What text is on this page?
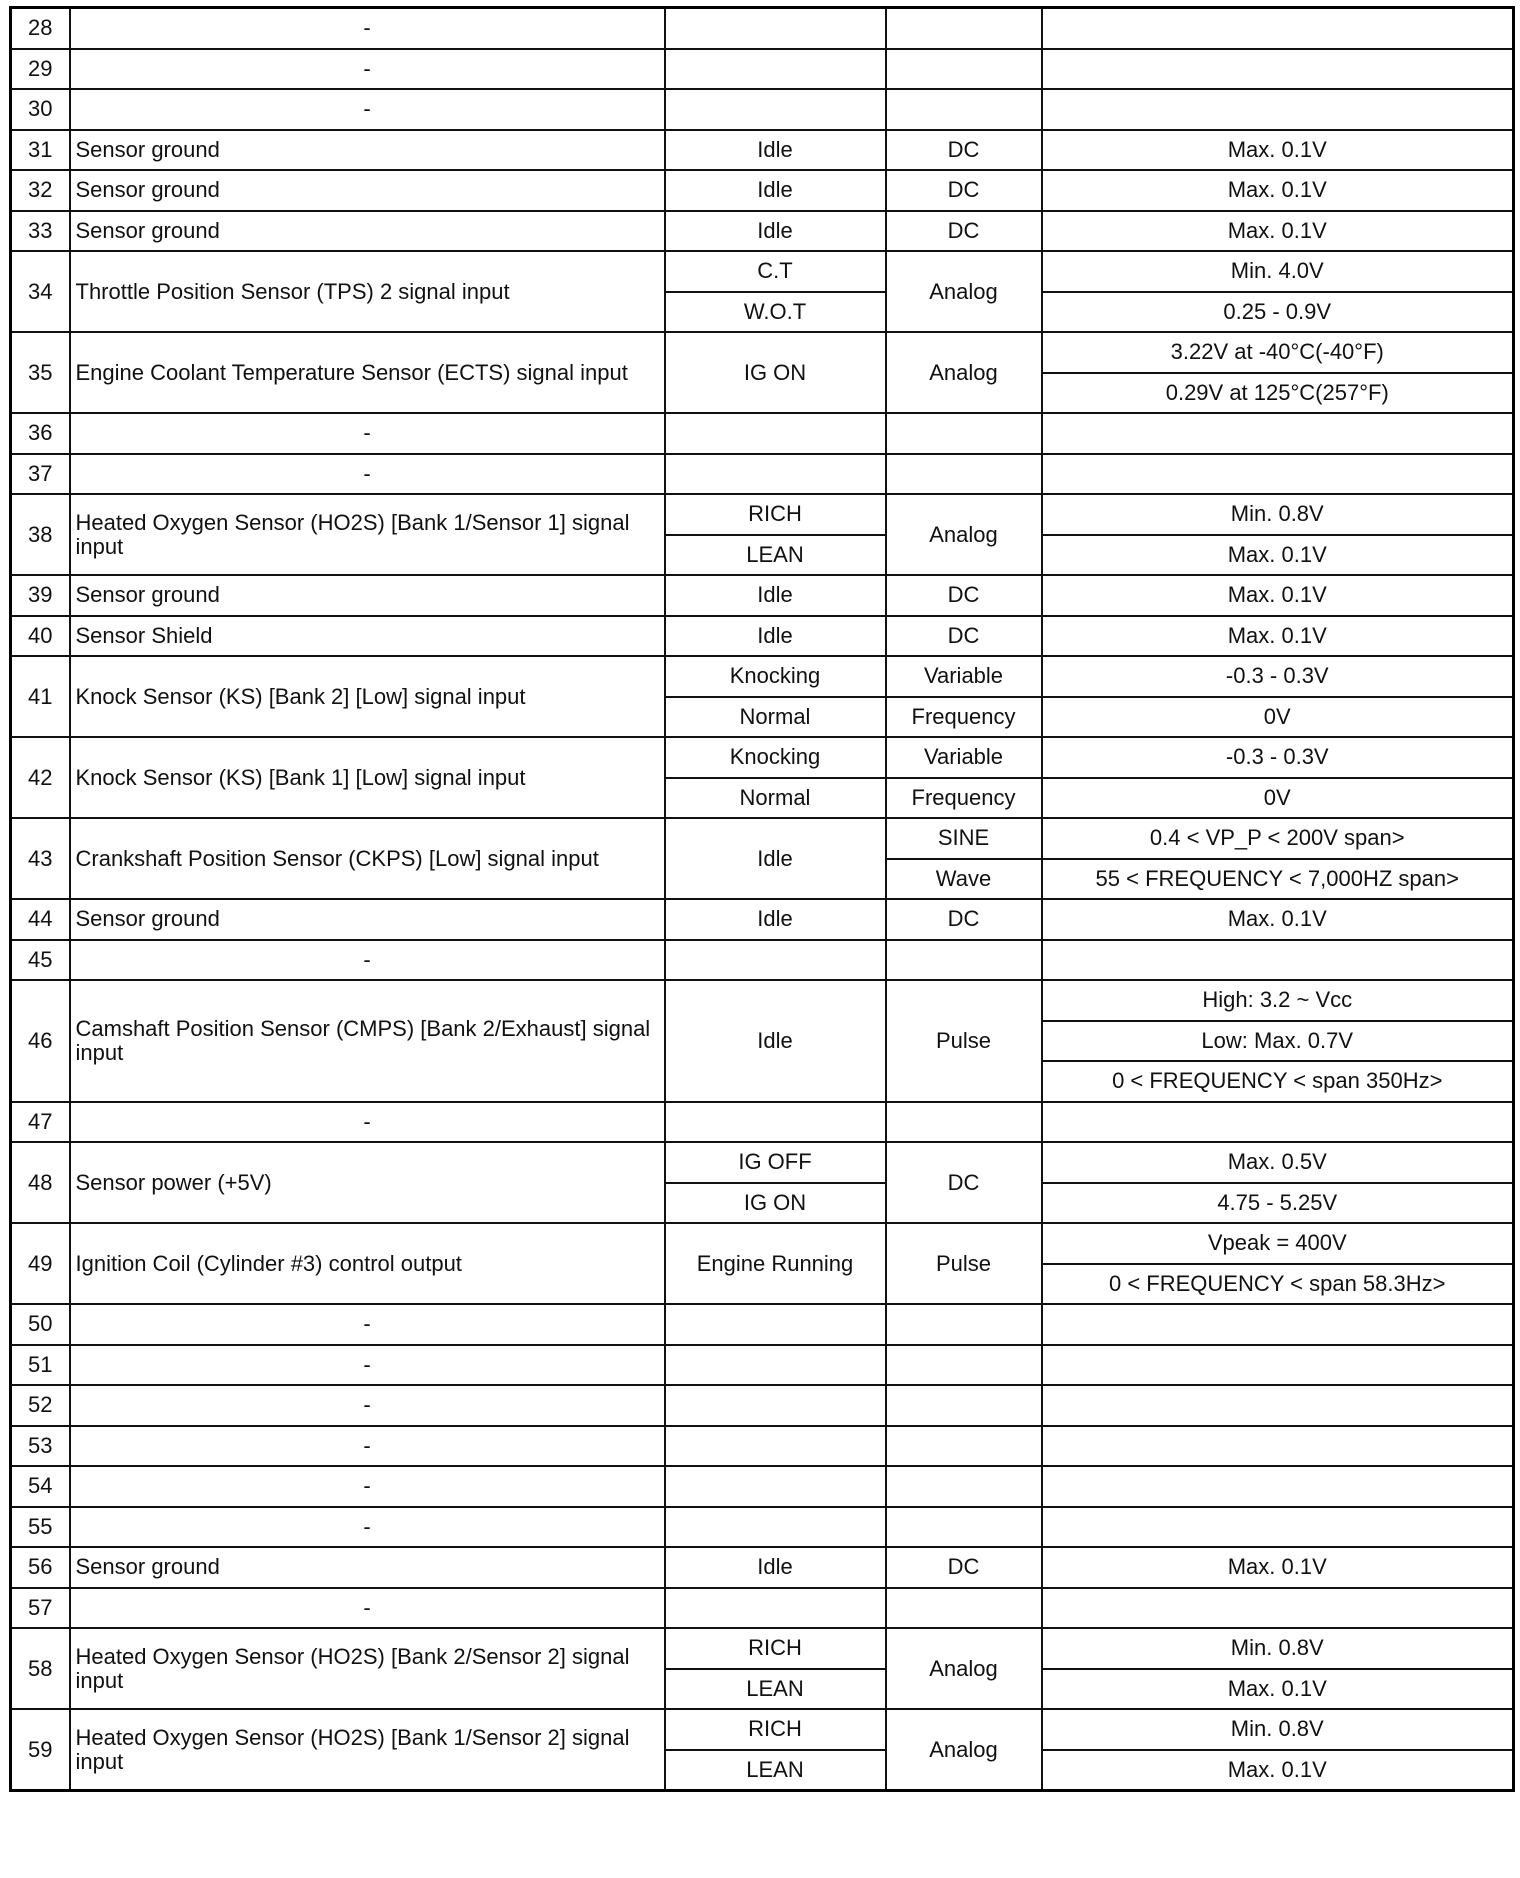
28	-			
29	-			
30	-			
31	Sensor ground	Idle	DC	Max. 0.1V
32	Sensor ground	Idle	DC	Max. 0.1V
33	Sensor ground	Idle	DC	Max. 0.1V
34	Throttle Position Sensor (TPS) 2 signal input	C.T	Analog	Min. 4.0V
		W.O.T		0.25 - 0.9V
35	Engine Coolant Temperature Sensor (ECTS) signal input	IG ON	Analog	3.22V at -40°C(-40°F)
				0.29V at 125°C(257°F)
36	-			
37	-			
38	Heated Oxygen Sensor (HO2S) [Bank 1/Sensor 1] signal input	RICH	Analog	Min. 0.8V
		LEAN		Max. 0.1V
39	Sensor ground	Idle	DC	Max. 0.1V
40	Sensor Shield	Idle	DC	Max. 0.1V
41	Knock Sensor (KS) [Bank 2] [Low] signal input	Knocking	Variable	-0.3 - 0.3V
		Normal	Frequency	0V
42	Knock Sensor (KS) [Bank 1] [Low] signal input	Knocking	Variable	-0.3 - 0.3V
		Normal	Frequency	0V
43	Crankshaft Position Sensor (CKPS) [Low] signal input	Idle	SINE	0.4 < VP_P < 200V span>
			Wave	55 < FREQUENCY < 7,000HZ span>
44	Sensor ground	Idle	DC	Max. 0.1V
45	-			
46	Camshaft Position Sensor (CMPS) [Bank 2/Exhaust] signal input	Idle	Pulse	High: 3.2 ~ Vcc
				Low: Max. 0.7V
				0 < FREQUENCY < span 350Hz>
47	-			
48	Sensor power (+5V)	IG OFF	DC	Max. 0.5V
		IG ON		4.75 - 5.25V
49	Ignition Coil (Cylinder #3) control output	Engine Running	Pulse	Vpeak = 400V
				0 < FREQUENCY < span 58.3Hz>
50	-			
51	-			
52	-			
53	-			
54	-			
55	-			
56	Sensor ground	Idle	DC	Max. 0.1V
57	-			
58	Heated Oxygen Sensor (HO2S) [Bank 2/Sensor 2] signal input	RICH	Analog	Min. 0.8V
		LEAN		Max. 0.1V
59	Heated Oxygen Sensor (HO2S) [Bank 1/Sensor 2] signal input	RICH	Analog	Min. 0.8V
		LEAN		Max. 0.1V
